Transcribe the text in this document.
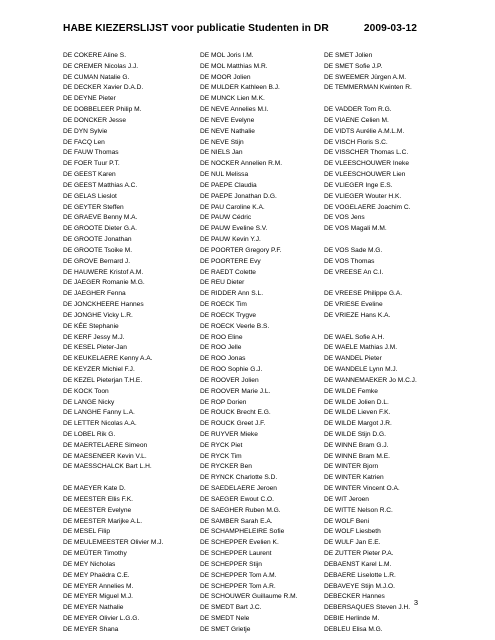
HABE KIEZERSLIJST voor publicatie Studenten in DR	2009-03-12
DE COKERE Aline S.
DE CREMER Nicolas J.J.
DE CUMAN Natalie G.
DE DECKER Xavier D.A.D.
DE DEYNE Pieter
DE DOBBELEER Philip M.
DE DONCKER Jesse
DE DYN Sylvie
DE FACQ Len
DE FAUW Thomas
DE FOER Tuur P.T.
DE GEEST Karen
DE GEEST Matthias A.C.
DE GELAS Lieslot
DE GEYTER Steffen
DE GRAEVE Benny M.A.
DE GROOTE Dieter G.A.
DE GROOTE Jonathan
DE GROOTE Tsoike M.
DE GROVE Bernard J.
DE HAUWERE Kristof A.M.
DE JAEGER Romanie M.G.
DE JAEGHER Fenna
DE JONCKHEERE Hannes
DE JONGHE Vicky L.R.
DE KÉE Stephanie
DE KERF Jessy M.J.
DE KESEL Pieter-Jan
DE KEUKELAERE Kenny A.A.
DE KEYZER Michiel F.J.
DE KEZEL Pieterjan T.H.E.
DE KOCK Toon
DE LANGE Nicky
DE LANGHE Fanny L.A.
DE LETTER Nicolas A.A.
DE LOBEL Rik G.
DE MAERTELAERE Simeon
DE MAESENEER Kevin V.L.
DE MAESSCHALCK Bart L.H.
DE MAEYER Kate D.
DE MEESTER Ellis F.K.
DE MEESTER Evelyne
DE MEESTER Marijke A.L.
DE MESEL Filip
DE MEULEMEESTER Olivier M.J.
DE MEÜTER Timothy
DE MEY Nicholas
DE MEY Phaëdra C.E.
DE MEYER Annelies M.
DE MEYER Miguel M.J.
DE MEYER Nathalie
DE MEYER Olivier L.G.G.
DE MEYER Shana
DE MOL Joris I.M.
DE MOL Matthias M.R.
DE MOOR Jolien
DE MULDER Kathleen B.J.
DE MUNCK Lien M.K.
DE NEVE Annelies M.I.
DE NEVE Evelyne
DE NEVE Nathalie
DE NEVE Stijn
DE NIELS Jan
DE NOCKER Annelien R.M.
DE NUL Melissa
DE PAEPE Claudia
DE PAEPE Jonathan D.G.
DE PAU Caroline K.A.
DE PAUW Cédric
DE PAUW Eveline S.V.
DE PAUW Kevin Y.J.
DE POORTER Gregory P.F.
DE POORTERE Evy
DE RAEDT Colette
DE REU Dieter
DE RIDDER Ann S.L.
DE ROECK Tim
DE ROECK Trygve
DE ROECK Veerle B.S.
DE ROO Eline
DE ROO Jelle
DE ROO Jonas
DE ROO Sophie G.J.
DE ROOVER Jolien
DE ROOVER Marie J.L.
DE ROP Dorien
DE ROUCK Brecht E.G.
DE ROUCK Greet J.F.
DE RUYVER Mieke
DE RYCK Piet
DE RYCK Tim
DE RYCKER Ben
DE RYNCK Charlotte S.D.
DE SAEDELAERE Jeroen
DE SAEGER Ewout C.O.
DE SAEGHER Ruben M.G.
DE SAMBER Sarah E.A.
DE SCHAMPHELEIRE Sofie
DE SCHEPPER Evelien K.
DE SCHEPPER Laurent
DE SCHEPPER Stijn
DE SCHEPPER Tom A.M.
DE SCHEPPER Tom A.R.
DE SCHOUWER Guillaume R.M.
DE SMEDT Bart J.C.
DE SMEDT Nele
DE SMET Grietje
DE SMET Jolien
DE SMET Sofie J.P.
DE SWEEMER Jürgen A.M.
DE TEMMERMAN Kwinten R.
DE VADDER Tom R.G.
DE VIAENE Celien M.
DE VIDTS Aurélie A.M.L.M.
DE VISCH Floris S.C.
DE VISSCHER Thomas L.C.
DE VLEESCHOUWER Ineke
DE VLEESCHOUWER Lien
DE VLIEGER Inge E.S.
DE VLIEGER Wouter H.K.
DE VOGELAERE Joachim C.
DE VOS Jens
DE VOS Magali M.M.
DE VOS Sade M.G.
DE VOS Thomas
DE VREESE An C.I.
DE VREESE Philippe G.A.
DE VRIESE Eveline
DE VRIEZE Hans K.A.
DE WAEL Sofie A.H.
DE WAELE Mathias J.M.
DE WANDEL Pieter
DE WANDELE Lynn M.J.
DE WANNEMAEKER Jo M.C.J.
DE WILDE Femke
DE WILDE Jolien D.L.
DE WILDE Lieven F.K.
DE WILDE Margot J.R.
DE WILDE Stijn D.G.
DE WINNE Bram G.J.
DE WINNE Bram M.E.
DE WINTER Bjorn
DE WINTER Katrien
DE WINTER Vincent O.A.
DE WIT Jeroen
DE WITTE Nelson R.C.
DE WOLF Beni
DE WOLF Liesbeth
DE WULF Jan E.E.
DE ZUTTER Pieter P.A.
DEBAENST Karel L.M.
DEBAERE Liselotte L.R.
DEBAVEYE Stijn M.J.O.
DEBECKER Hannes
DEBERSAQUES Steven J.H.
DEBIE Herlinde M.
DEBLEU Elisa M.G.
3
